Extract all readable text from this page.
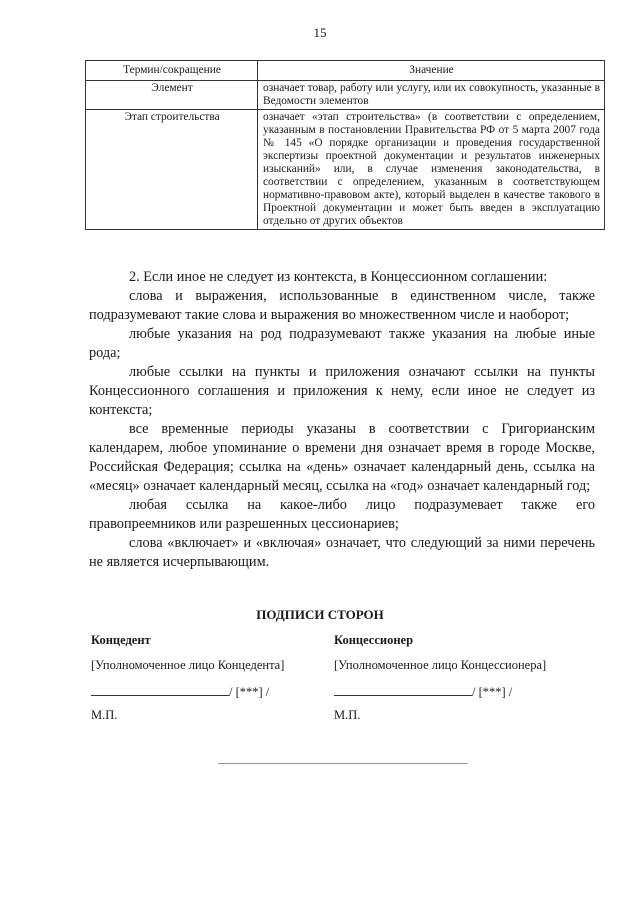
15
Термин/сокращение	Значение
Элемент	означает товар, работу или услугу, или их совокупность, указанные в Ведомости элементов
Этап строительства	означает «этап строительства» (в соответствии с определением, указанным в постановлении Правительства РФ от 5 марта 2007 года № 145 «О порядке организации и проведения государственной экспертизы проектной документации и результатов инженерных изысканий» или, в случае изменения законодательства, в соответствии с определением, указанным в соответствующем нормативно-правовом акте), который выделен в качестве такового в Проектной документации и может быть введен в эксплуатацию отдельно от других объектов

2. Если иное не следует из контекста, в Концессионном соглашении:

слова и выражения, использованные в единственном числе, также подразумевают такие слова и выражения во множественном числе и наоборот;

любые указания на род подразумевают также указания на любые иные рода;

любые ссылки на пункты и приложения означают ссылки на пункты Концессионного соглашения и приложения к нему, если иное не следует из контекста;

все временные периоды указаны в соответствии с Григорианским календарем, любое упоминание о времени дня означает время в городе Москве, Российская Федерация; ссылка на «день» означает календарный день, ссылка на «месяц» означает календарный месяц, ссылка на «год» означает календарный год;

любая ссылка на какое-либо лицо подразумевает также его правопреемников или разрешенных цессионариев;

слова «включает» и «включая» означает, что следующий за ними перечень не является исчерпывающим.

ПОДПИСИ СТОРОН
Концедент
[Уполномоченное лицо Концедента]
/ [***] /
М.П.
Концессионер
[Уполномоченное лицо Концессионера]
/ [***] /
М.П.
